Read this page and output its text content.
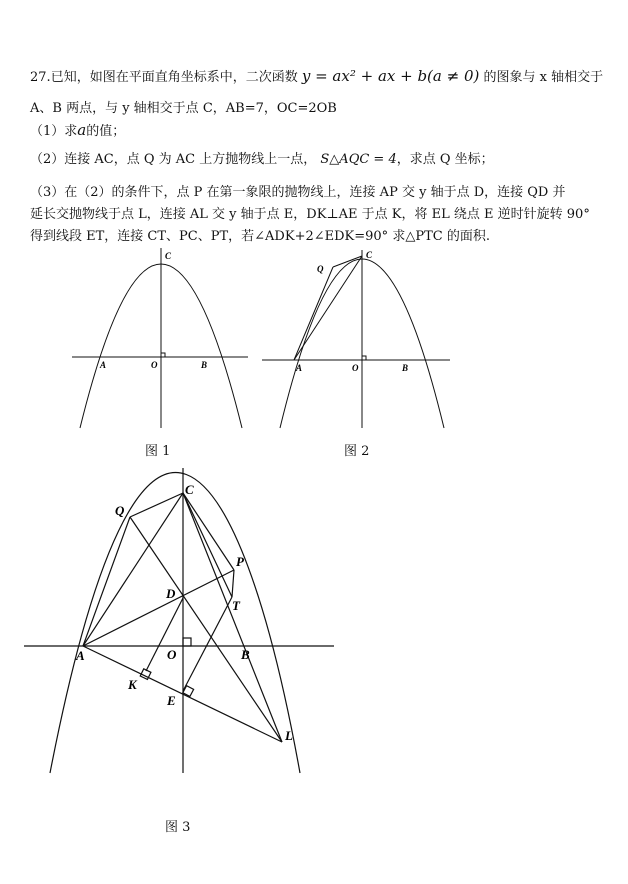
27.已知，如图在平面直角坐标系中，二次函数 y = ax² + ax + b(a ≠ 0) 的图象与 x 轴相交于
A、B 两点，与 y 轴相交于点 C，AB=7，OC=2OB
（1）求a的值；
（2）连接 AC，点 Q 为 AC 上方抛物线上一点， S△AQC = 4，求点 Q 坐标；
（3）在（2）的条件下，点 P 在第一象限的抛物线上，连接 AP 交 y 轴于点 D，连接 QD 并
延长交抛物线于点 L，连接 AL 交 y 轴于点 E，DK⊥AE 于点 K，将 EL 绕点 E 逆时针旋转 90°
得到线段 ET，连接 CT、PC、PT，若∠ADK+2∠EDK=90° 求△PTC 的面积.
A	O	B
C
图 1
A	O	B
C
Q
图 2
A	O	B
C
Q
P
D
T
K
E
L
图 3
